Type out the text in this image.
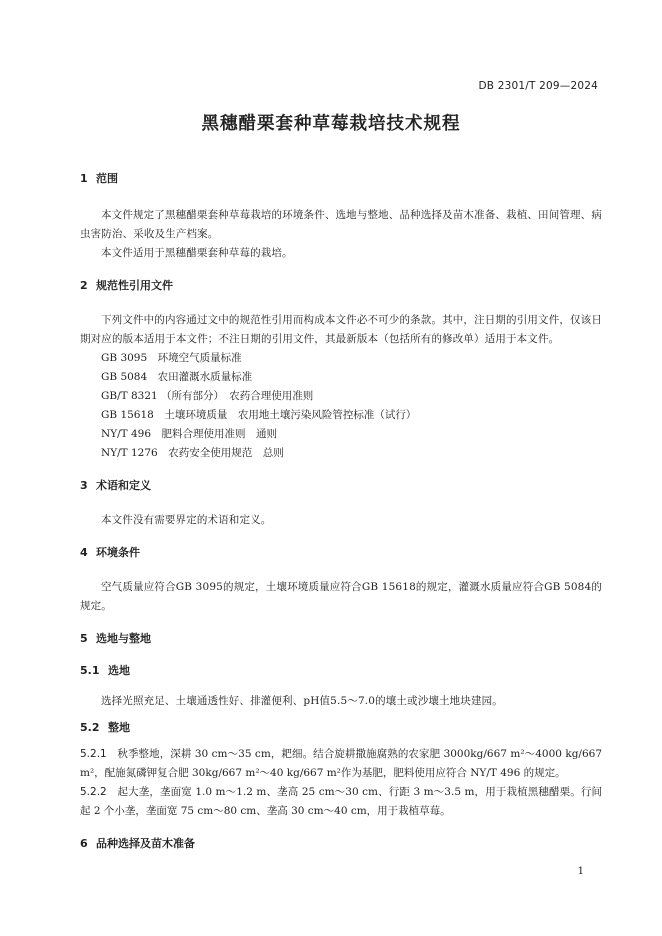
DB 2301/T 209—2024
黑穗醋栗套种草莓栽培技术规程
1 范围
本文件规定了黑穗醋栗套种草莓栽培的环境条件、选地与整地、品种选择及苗木准备、栽植、田间管理、病虫害防治、采收及生产档案。
本文件适用于黑穗醋栗套种草莓的栽培。
2 规范性引用文件
下列文件中的内容通过文中的规范性引用而构成本文件必不可少的条款。其中，注日期的引用文件，仅该日期对应的版本适用于本文件；不注日期的引用文件，其最新版本（包括所有的修改单）适用于本文件。
GB 3095　环境空气质量标准
GB 5084　农田灌溉水质量标准
GB/T 8321 （所有部分）　农药合理使用准则
GB 15618　土壤环境质量　农用地土壤污染风险管控标准（试行）
NY/T 496　肥料合理使用准则　通则
NY/T 1276　农药安全使用规范　总则
3 术语和定义
本文件没有需要界定的术语和定义。
4 环境条件
空气质量应符合GB 3095的规定，土壤环境质量应符合GB 15618的规定，灌溉水质量应符合GB 5084的规定。
5 选地与整地
5.1 选地
选择光照充足、土壤通透性好、排灌便利、pH值5.5～7.0的壤土或沙壤土地块建园。
5.2 整地
5.2.1　 秋季整地，深耕 30 cm～35 cm，耙细。结合旋耕撒施腐熟的农家肥 3000kg/667 m²～4000 kg/667 m²，配施氮磷钾复合肥 30kg/667 m²～40 kg/667 m²作为基肥，肥料使用应符合 NY/T 496 的规定。
5.2.2　 起大垄，垄面宽 1.0 m～1.2 m、垄高 25 cm～30 cm、行距 3 m～3.5 m，用于栽植黑穗醋栗。行间起 2 个小垄，垄面宽 75 cm～80 cm、垄高 30 cm～40 cm，用于栽植草莓。
6 品种选择及苗木准备
1
